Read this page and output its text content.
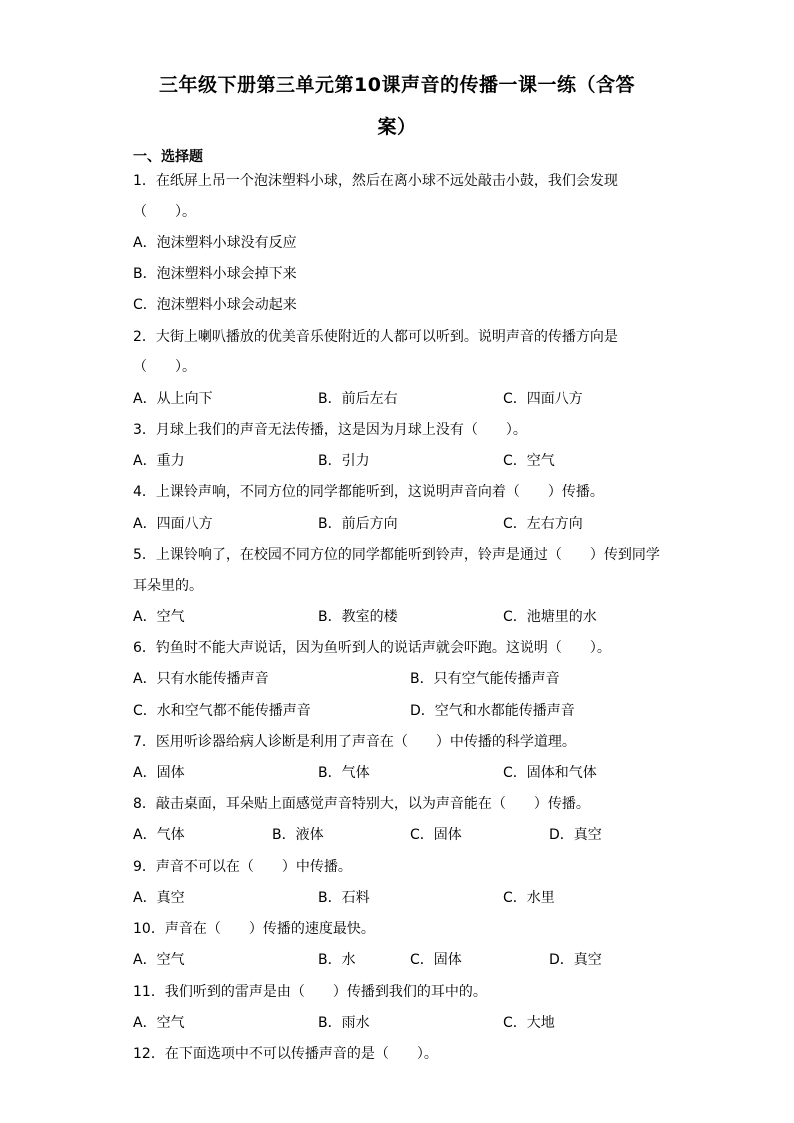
三年级下册第三单元第10课声音的传播一课一练（含答
案）
一、选择题
1．在纸屏上吊一个泡沫塑料小球，然后在离小球不远处敲击小鼓，我们会发现
（　　）。
A．泡沫塑料小球没有反应
B．泡沫塑料小球会掉下来
C．泡沫塑料小球会动起来
2．大街上喇叭播放的优美音乐使附近的人都可以听到。说明声音的传播方向是
（　　）。
A．从上向下	B．前后左右	C．四面八方
3．月球上我们的声音无法传播，这是因为月球上没有（　　）。
A．重力	B．引力	C．空气
4．上课铃声响，不同方位的同学都能听到，这说明声音向着（　　）传播。
A．四面八方	B．前后方向	C．左右方向
5．上课铃响了，在校园不同方位的同学都能听到铃声，铃声是通过（　　）传到同学
耳朵里的。
A．空气	B．教室的楼	C．池塘里的水
6．钓鱼时不能大声说话，因为鱼听到人的说话声就会吓跑。这说明（　　）。
A．只有水能传播声音	B．只有空气能传播声音
C．水和空气都不能传播声音	D．空气和水都能传播声音
7．医用听诊器给病人诊断是利用了声音在（　　）中传播的科学道理。
A．固体	B．气体	C．固体和气体
8．敲击桌面，耳朵贴上面感觉声音特别大，以为声音能在（　　）传播。
A．气体	B．液体	C．固体	D．真空
9．声音不可以在（　　）中传播。
A．真空	B．石料	C．水里
10．声音在（　　）传播的速度最快。
A．空气	B．水	C．固体	D．真空
11．我们听到的雷声是由（　　）传播到我们的耳中的。
A．空气	B．雨水	C．大地
12．在下面选项中不可以传播声音的是（　　）。
